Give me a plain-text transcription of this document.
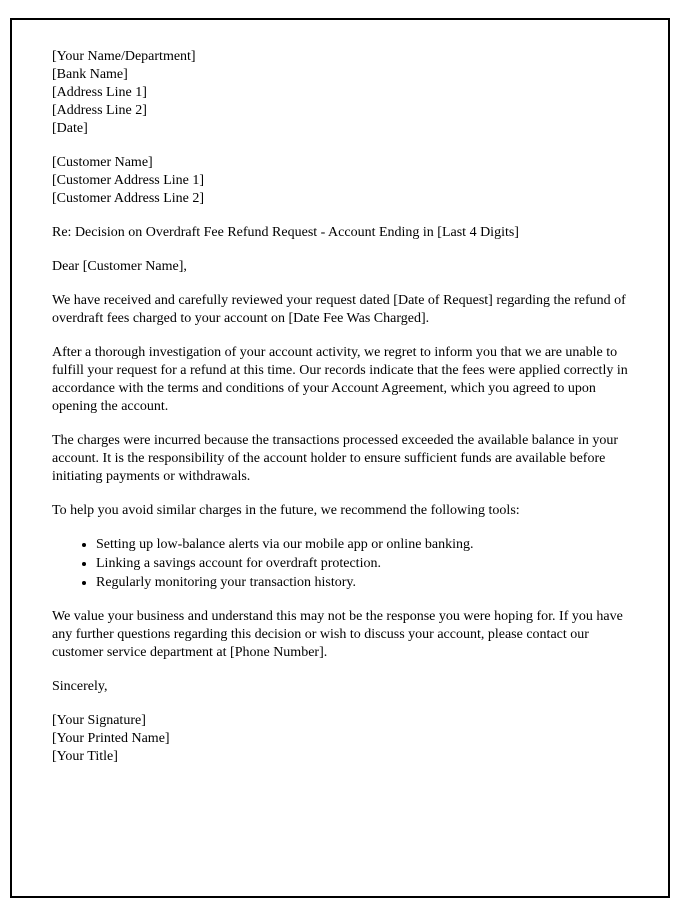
[Your Name/Department]
[Bank Name]
[Address Line 1]
[Address Line 2]
[Date]
[Customer Name]
[Customer Address Line 1]
[Customer Address Line 2]

Re: Decision on Overdraft Fee Refund Request - Account Ending in [Last 4 Digits]

Dear [Customer Name],

We have received and carefully reviewed your request dated [Date of Request] regarding the refund of overdraft fees charged to your account on [Date Fee Was Charged].

After a thorough investigation of your account activity, we regret to inform you that we are unable to fulfill your request for a refund at this time. Our records indicate that the fees were applied correctly in accordance with the terms and conditions of your Account Agreement, which you agreed to upon opening the account.

The charges were incurred because the transactions processed exceeded the available balance in your account. It is the responsibility of the account holder to ensure sufficient funds are available before initiating payments or withdrawals.

To help you avoid similar charges in the future, we recommend the following tools:

• Setting up low-balance alerts via our mobile app or online banking.
• Linking a savings account for overdraft protection.
• Regularly monitoring your transaction history.

We value your business and understand this may not be the response you were hoping for. If you have any further questions regarding this decision or wish to discuss your account, please contact our customer service department at [Phone Number].

Sincerely,

[Your Signature]
[Your Printed Name]
[Your Title]
